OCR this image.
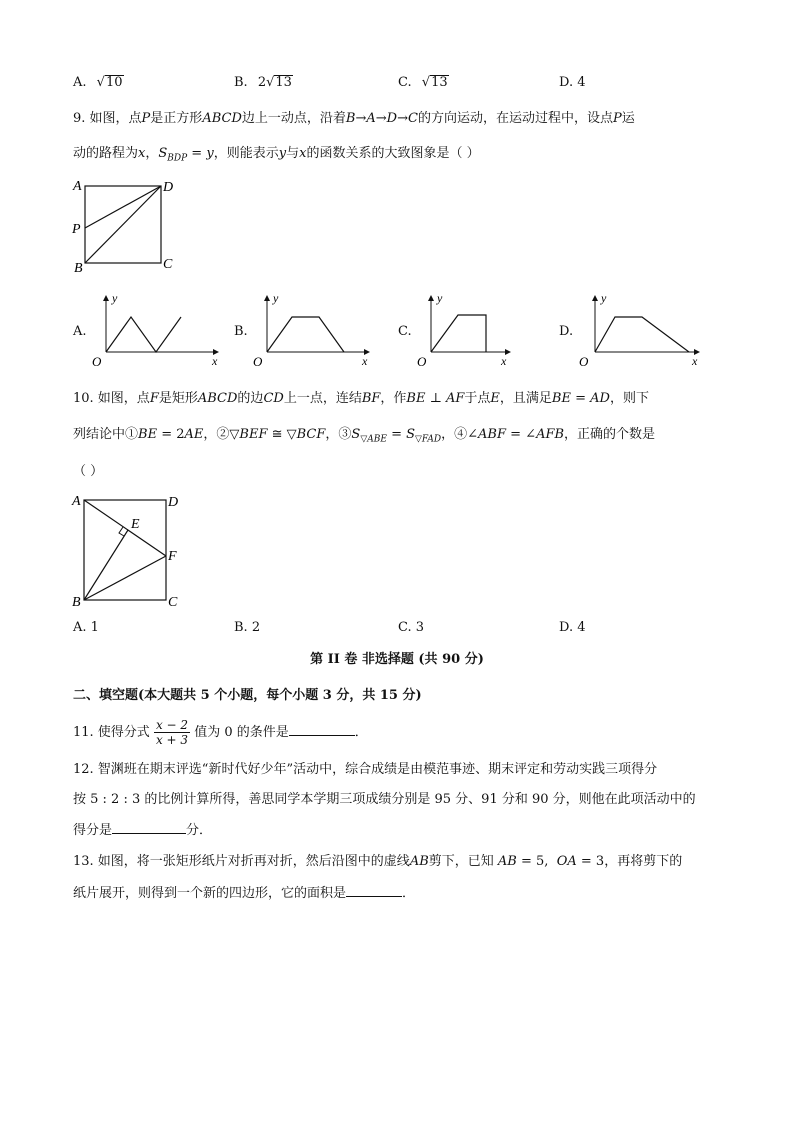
A. √10	B. 2√13	C. √13	D. 4
9. 如图，点P是正方形ABCD边上一动点，沿着B→A→D→C的方向运动，在运动过程中，设点P运
动的路程为x，$S_{BDP} = y$，则能表示y与x的函数关系的大致图象是（ ）
A	D
P
B	C
A.
y
x
O
B.
y
x
O
C.
y
x
O
D.
y
x
O
10. 如图，点F是矩形ABCD的边CD上一点，连结BF，作BE ⊥ AF于点E，且满足BE = AD，则下
列结论中①BE = 2AE，②▽BEF ≅ ▽BCF，$③S_{▽ABE} = S_{▽FAD}$，④∠ABF = ∠AFB，正确的个数是
（ ）
A	D
E
F
B	C
A. 1	B. 2	C. 3	D. 4
第 II 卷 非选择题 (共 90 分)
二、填空题(本大题共 5 个小题，每个小题 3 分，共 15 分)
11. 使得分式 $\frac{x - 2}{x + 3}$ 值为 0 的条件是	．
12. 智渊班在期末评选“新时代好少年”活动中，综合成绩是由模范事迹、期末评定和劳动实践三项得分
按 5 : 2 : 3 的比例计算所得，善思同学本学期三项成绩分别是 95 分、91 分和 90 分，则他在此项活动中的
得分是	分．
13. 如图，将一张矩形纸片对折再对折，然后沿图中的虚线AB剪下，已知 AB = 5,  OA = 3，再将剪下的
纸片展开，则得到一个新的四边形，它的面积是	．
